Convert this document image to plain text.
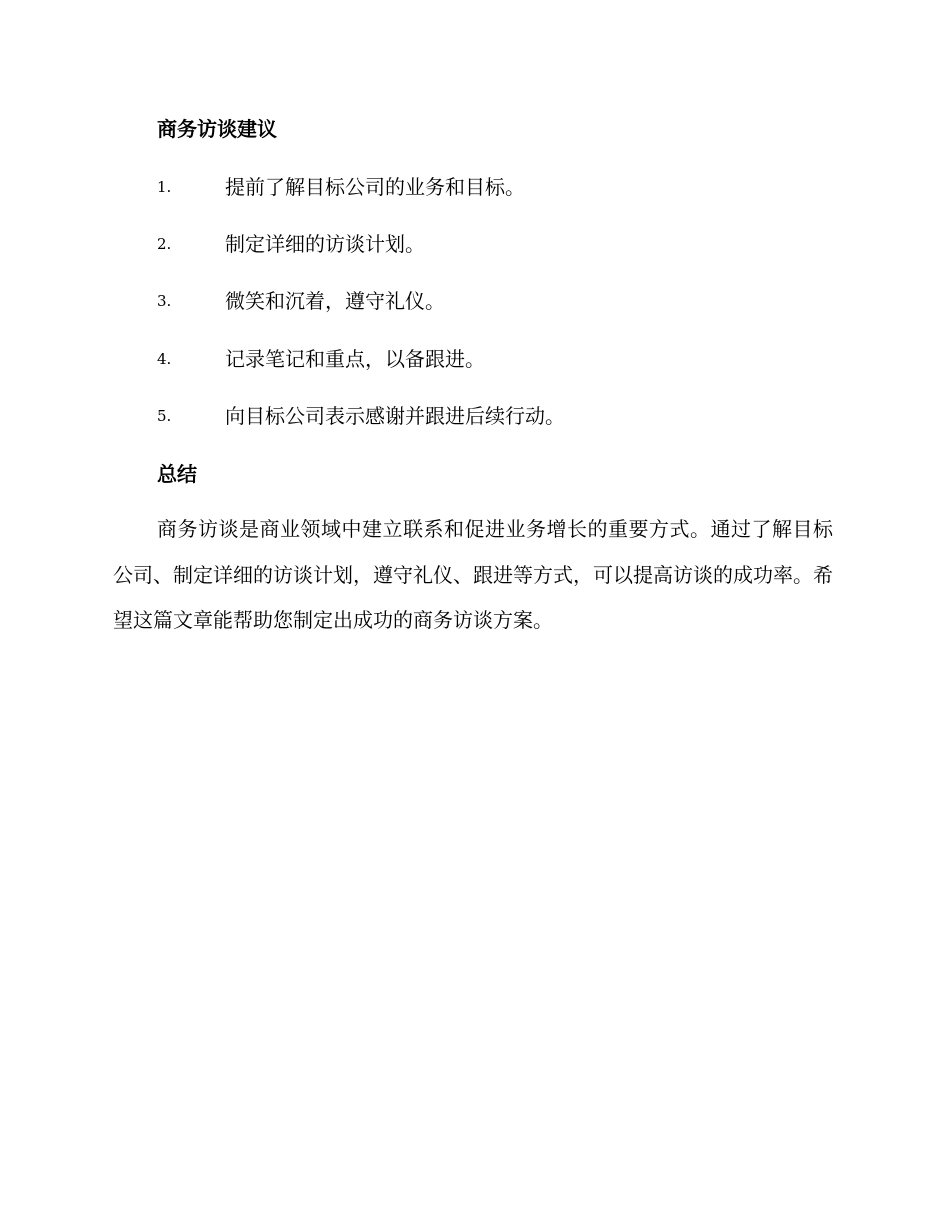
商务访谈建议
1.	提前了解目标公司的业务和目标。
2.	制定详细的访谈计划。
3.	微笑和沉着，遵守礼仪。
4.	记录笔记和重点，以备跟进。
5.	向目标公司表示感谢并跟进后续行动。
总结

商务访谈是商业领域中建立联系和促进业务增长的重要方式。通过了解目标公司、制定详细的访谈计划，遵守礼仪、跟进等方式，可以提高访谈的成功率。希望这篇文章能帮助您制定出成功的商务访谈方案。
